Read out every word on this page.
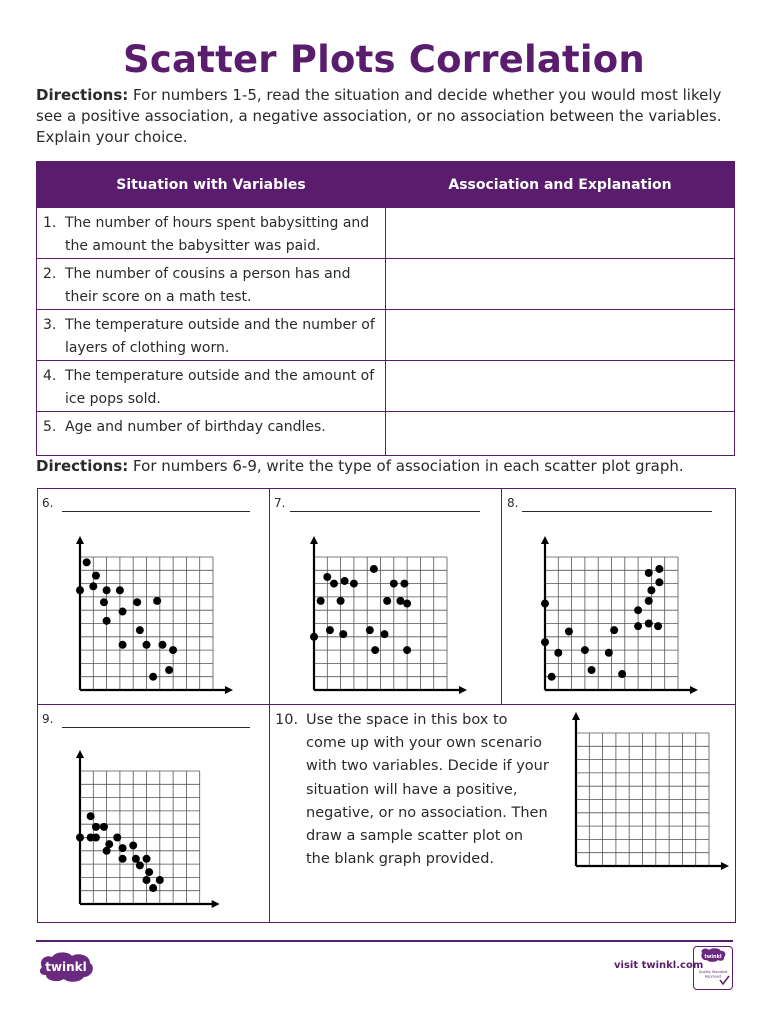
Scatter Plots Correlation
Directions: For numbers 1-5, read the situation and decide whether you would most likely see a positive association, a negative association, or no association between the variables. Explain your choice.
Situation with Variables	Association and Explanation

1. The number of hours spent babysitting and the amount the babysitter was paid.	

2. The number of cousins a person has and their score on a math test.	

3. The temperature outside and the number of layers of clothing worn.	

4. The temperature outside and the amount of ice pops sold.	

5. Age and number of birthday candles.	

Directions: For numbers 6-9, write the type of association in each scatter plot graph.
6.	7.	8.
9.	10. Use the space in this box to come up with your own scenario with two variables. Decide if your situation will have a positive, negative, or no association. Then draw a sample scatter plot on the blank graph provided.
twinkl	visit twinkl.com
twinkl
Quality Standard Approved
